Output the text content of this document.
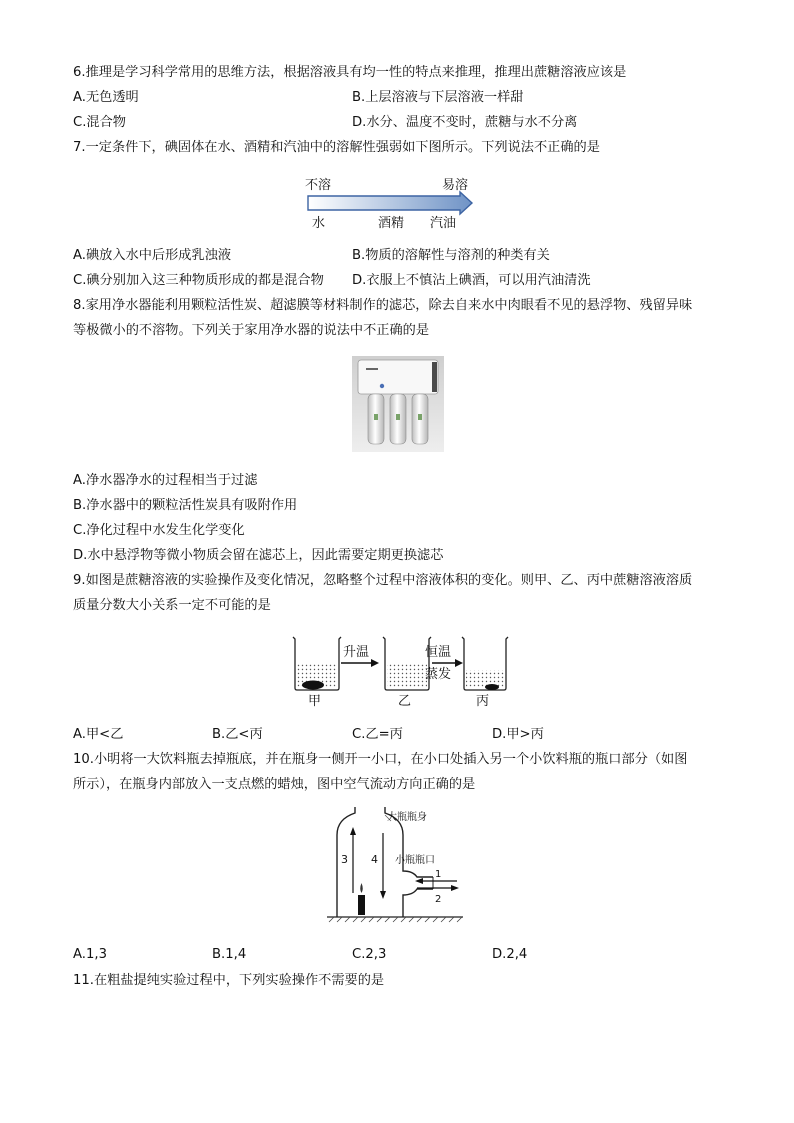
6.推理是学习科学常用的思维方法，根据溶液具有均一性的特点来推理，推理出蔗糖溶液应该是
A.无色透明	B.上层溶液与下层溶液一样甜
C.混合物	D.水分、温度不变时，蔗糖与水不分离
7.一定条件下，碘固体在水、酒精和汽油中的溶解性强弱如下图所示。下列说法不正确的是
不溶	易溶
水	酒精 汽油
A.碘放入水中后形成乳浊液	B.物质的溶解性与溶剂的种类有关
C.碘分别加入这三种物质形成的都是混合物 D.衣服上不慎沾上碘酒，可以用汽油清洗
8.家用净水器能利用颗粒活性炭、超滤膜等材料制作的滤芯，除去自来水中肉眼看不见的悬浮物、残留异味
等极微小的不溶物。下列关于家用净水器的说法中不正确的是
A.净水器净水的过程相当于过滤
B.净水器中的颗粒活性炭具有吸附作用
C.净化过程中水发生化学变化
D.水中悬浮物等微小物质会留在滤芯上，因此需要定期更换滤芯
9.如图是蔗糖溶液的实验操作及变化情况，忽略整个过程中溶液体积的变化。则甲、乙、丙中蔗糖溶液溶质
质量分数大小关系一定不可能的是
甲
升温
乙
恒温
蒸发
丙
A.甲<乙	B.乙<丙	C.乙=丙	D.甲>丙
10.小明将一大饮料瓶去掉瓶底，并在瓶身一侧开一小口，在小口处插入另一个小饮料瓶的瓶口部分（如图
所示），在瓶身内部放入一支点燃的蜡烛，图中空气流动方向正确的是
3 4
1
2
大瓶瓶身
小瓶瓶口
A.1,3	B.1,4	C.2,3	D.2,4
11.在粗盐提纯实验过程中，下列实验操作不需要的是
